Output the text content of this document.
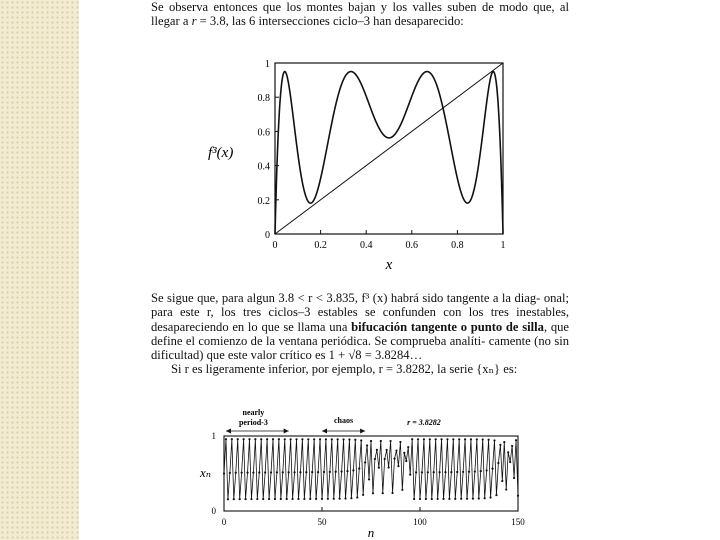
Se observa entonces que los montes bajan y los valles suben de modo que, al llegar a r = 3.8, las 6 intersecciones ciclo–3 han desaparecido:

0	0.2	0.4	0.6	0.8	1
0
0.2
0.4
0.6
0.8
1
x
f³(x)

Se sigue que, para algun 3.8 < r < 3.835, f³ (x) habrá sido tangente a la diag- onal; para este r, los tres ciclos–3 estables se confunden con los tres inestables, desapareciendo en lo que se llama una bifucación tangente o punto de silla, que define el comienzo de la ventana periódica. Se comprueba analíti- camente (no sin dificultad) que este valor crítico es 1 + √8 = 3.8284…

Si r es ligeramente inferior, por ejemplo, r = 3.8282, la serie {xₙ} es:

0	50	100	150
0
1
n
xₙ
nearly
period-3	chaos	r = 3.8282
